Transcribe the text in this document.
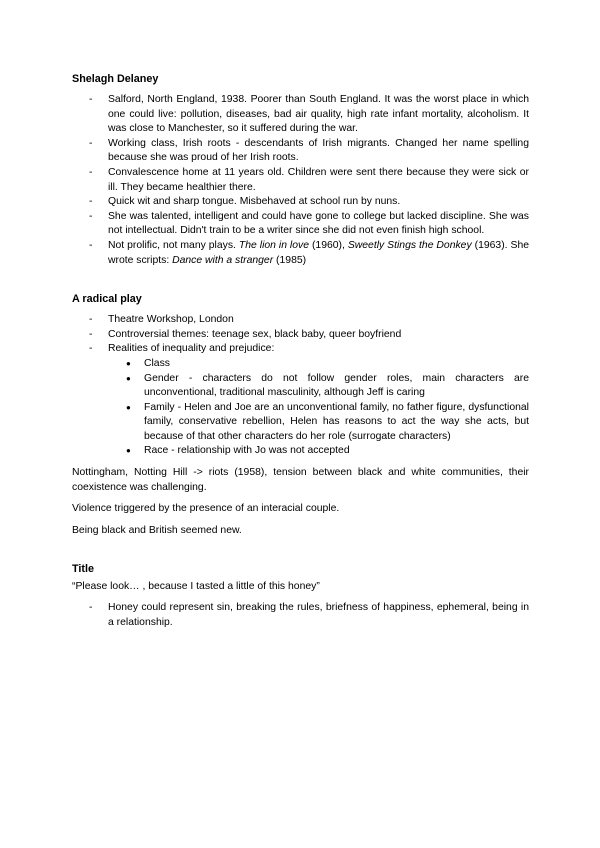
Shelagh Delaney
- Salford, North England, 1938. Poorer than South England. It was the worst place in which one could live: pollution, diseases, bad air quality, high rate infant mortality, alcoholism. It was close to Manchester, so it suffered during the war.
- Working class, Irish roots - descendants of Irish migrants. Changed her name spelling because she was proud of her Irish roots.
- Convalescence home at 11 years old. Children were sent there because they were sick or ill. They became healthier there.
- Quick wit and sharp tongue. Misbehaved at school run by nuns.
- She was talented, intelligent and could have gone to college but lacked discipline. She was not intellectual. Didn't train to be a writer since she did not even finish high school.
- Not prolific, not many plays. The lion in love (1960), Sweetly Stings the Donkey (1963). She wrote scripts: Dance with a stranger (1985)
A radical play
- Theatre Workshop, London
- Controversial themes: teenage sex, black baby, queer boyfriend
- Realities of inequality and prejudice:
● Class
● Gender - characters do not follow gender roles, main characters are unconventional, traditional masculinity, although Jeff is caring
● Family - Helen and Joe are an unconventional family, no father figure, dysfunctional family, conservative rebellion, Helen has reasons to act the way she acts, but because of that other characters do her role (surrogate characters)
● Race - relationship with Jo was not accepted

Nottingham, Notting Hill -> riots (1958), tension between black and white communities, their coexistence was challenging.

Violence triggered by the presence of an interacial couple.

Being black and British seemed new.

Title

“Please look… , because I tasted a little of this honey”

- Honey could represent sin, breaking the rules, briefness of happiness, ephemeral, being in a relationship.
